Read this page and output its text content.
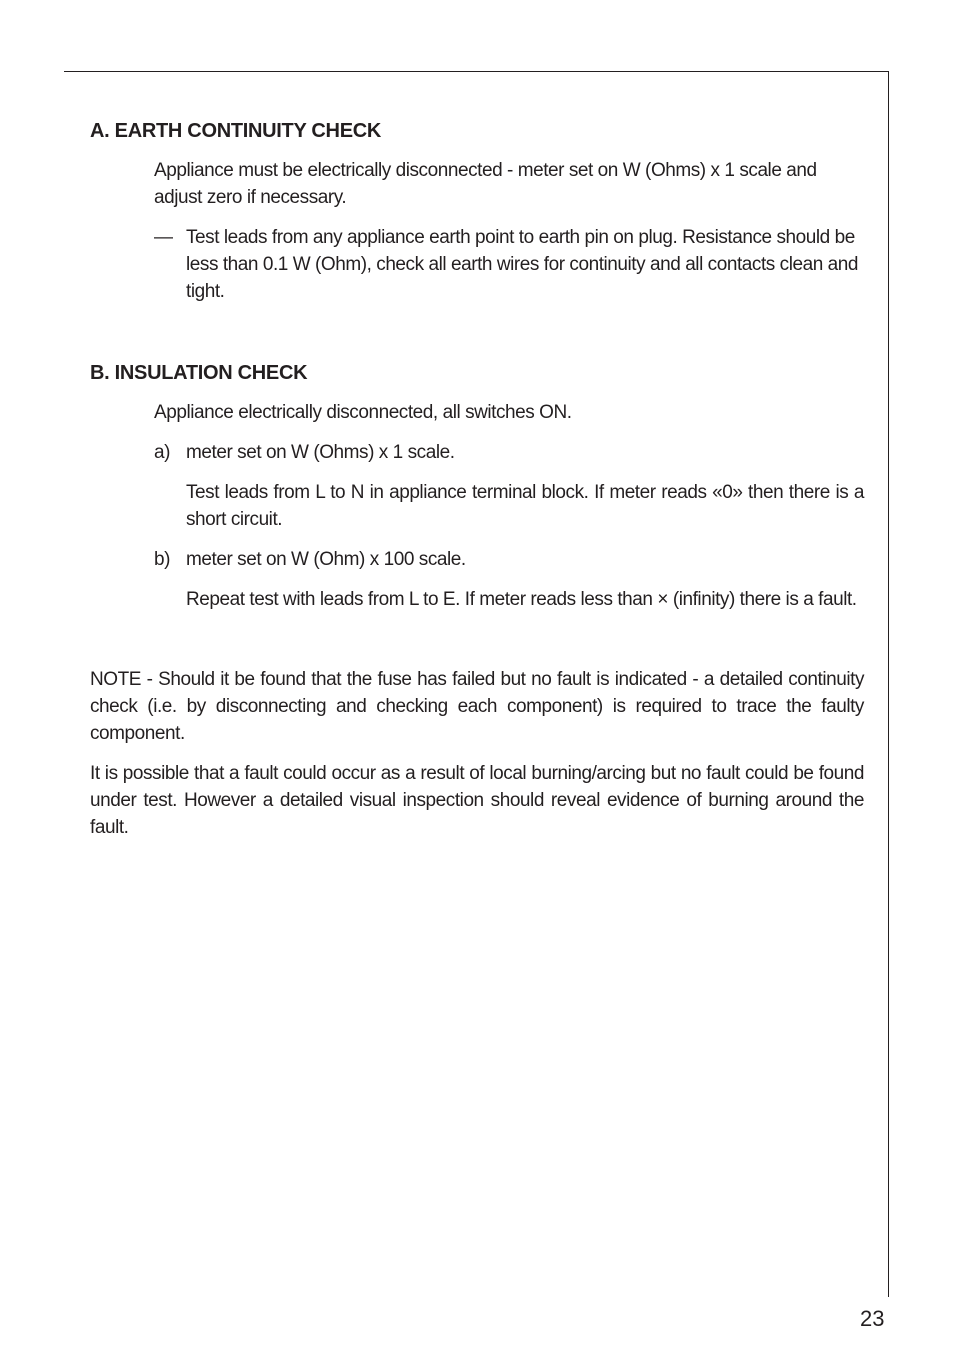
A. EARTH CONTINUITY CHECK
Appliance must be electrically disconnected - meter set on W (Ohms) x 1 scale and adjust zero if necessary.
— Test leads from any appliance earth point to earth pin on plug. Resistance should be less than 0.1 W (Ohm), check all earth wires for continuity and all contacts clean and tight.
B. INSULATION CHECK
Appliance electrically disconnected, all switches ON.
a) meter set on W (Ohms) x 1 scale.
Test leads from L to N in appliance terminal block. If meter reads «0» then there is a short circuit.
b) meter set on W (Ohm) x 100 scale.
Repeat test with leads from L to E. If meter reads less than × (infinity) there is a fault.
NOTE - Should it be found that the fuse has failed but no fault is indicated - a detailed continuity check (i.e. by disconnecting and checking each component) is required to trace the faulty component.
It is possible that a fault could occur as a result of local burning/arcing but no fault could be found under test. However a detailed visual inspection should reveal evidence of burning around the fault.
23
